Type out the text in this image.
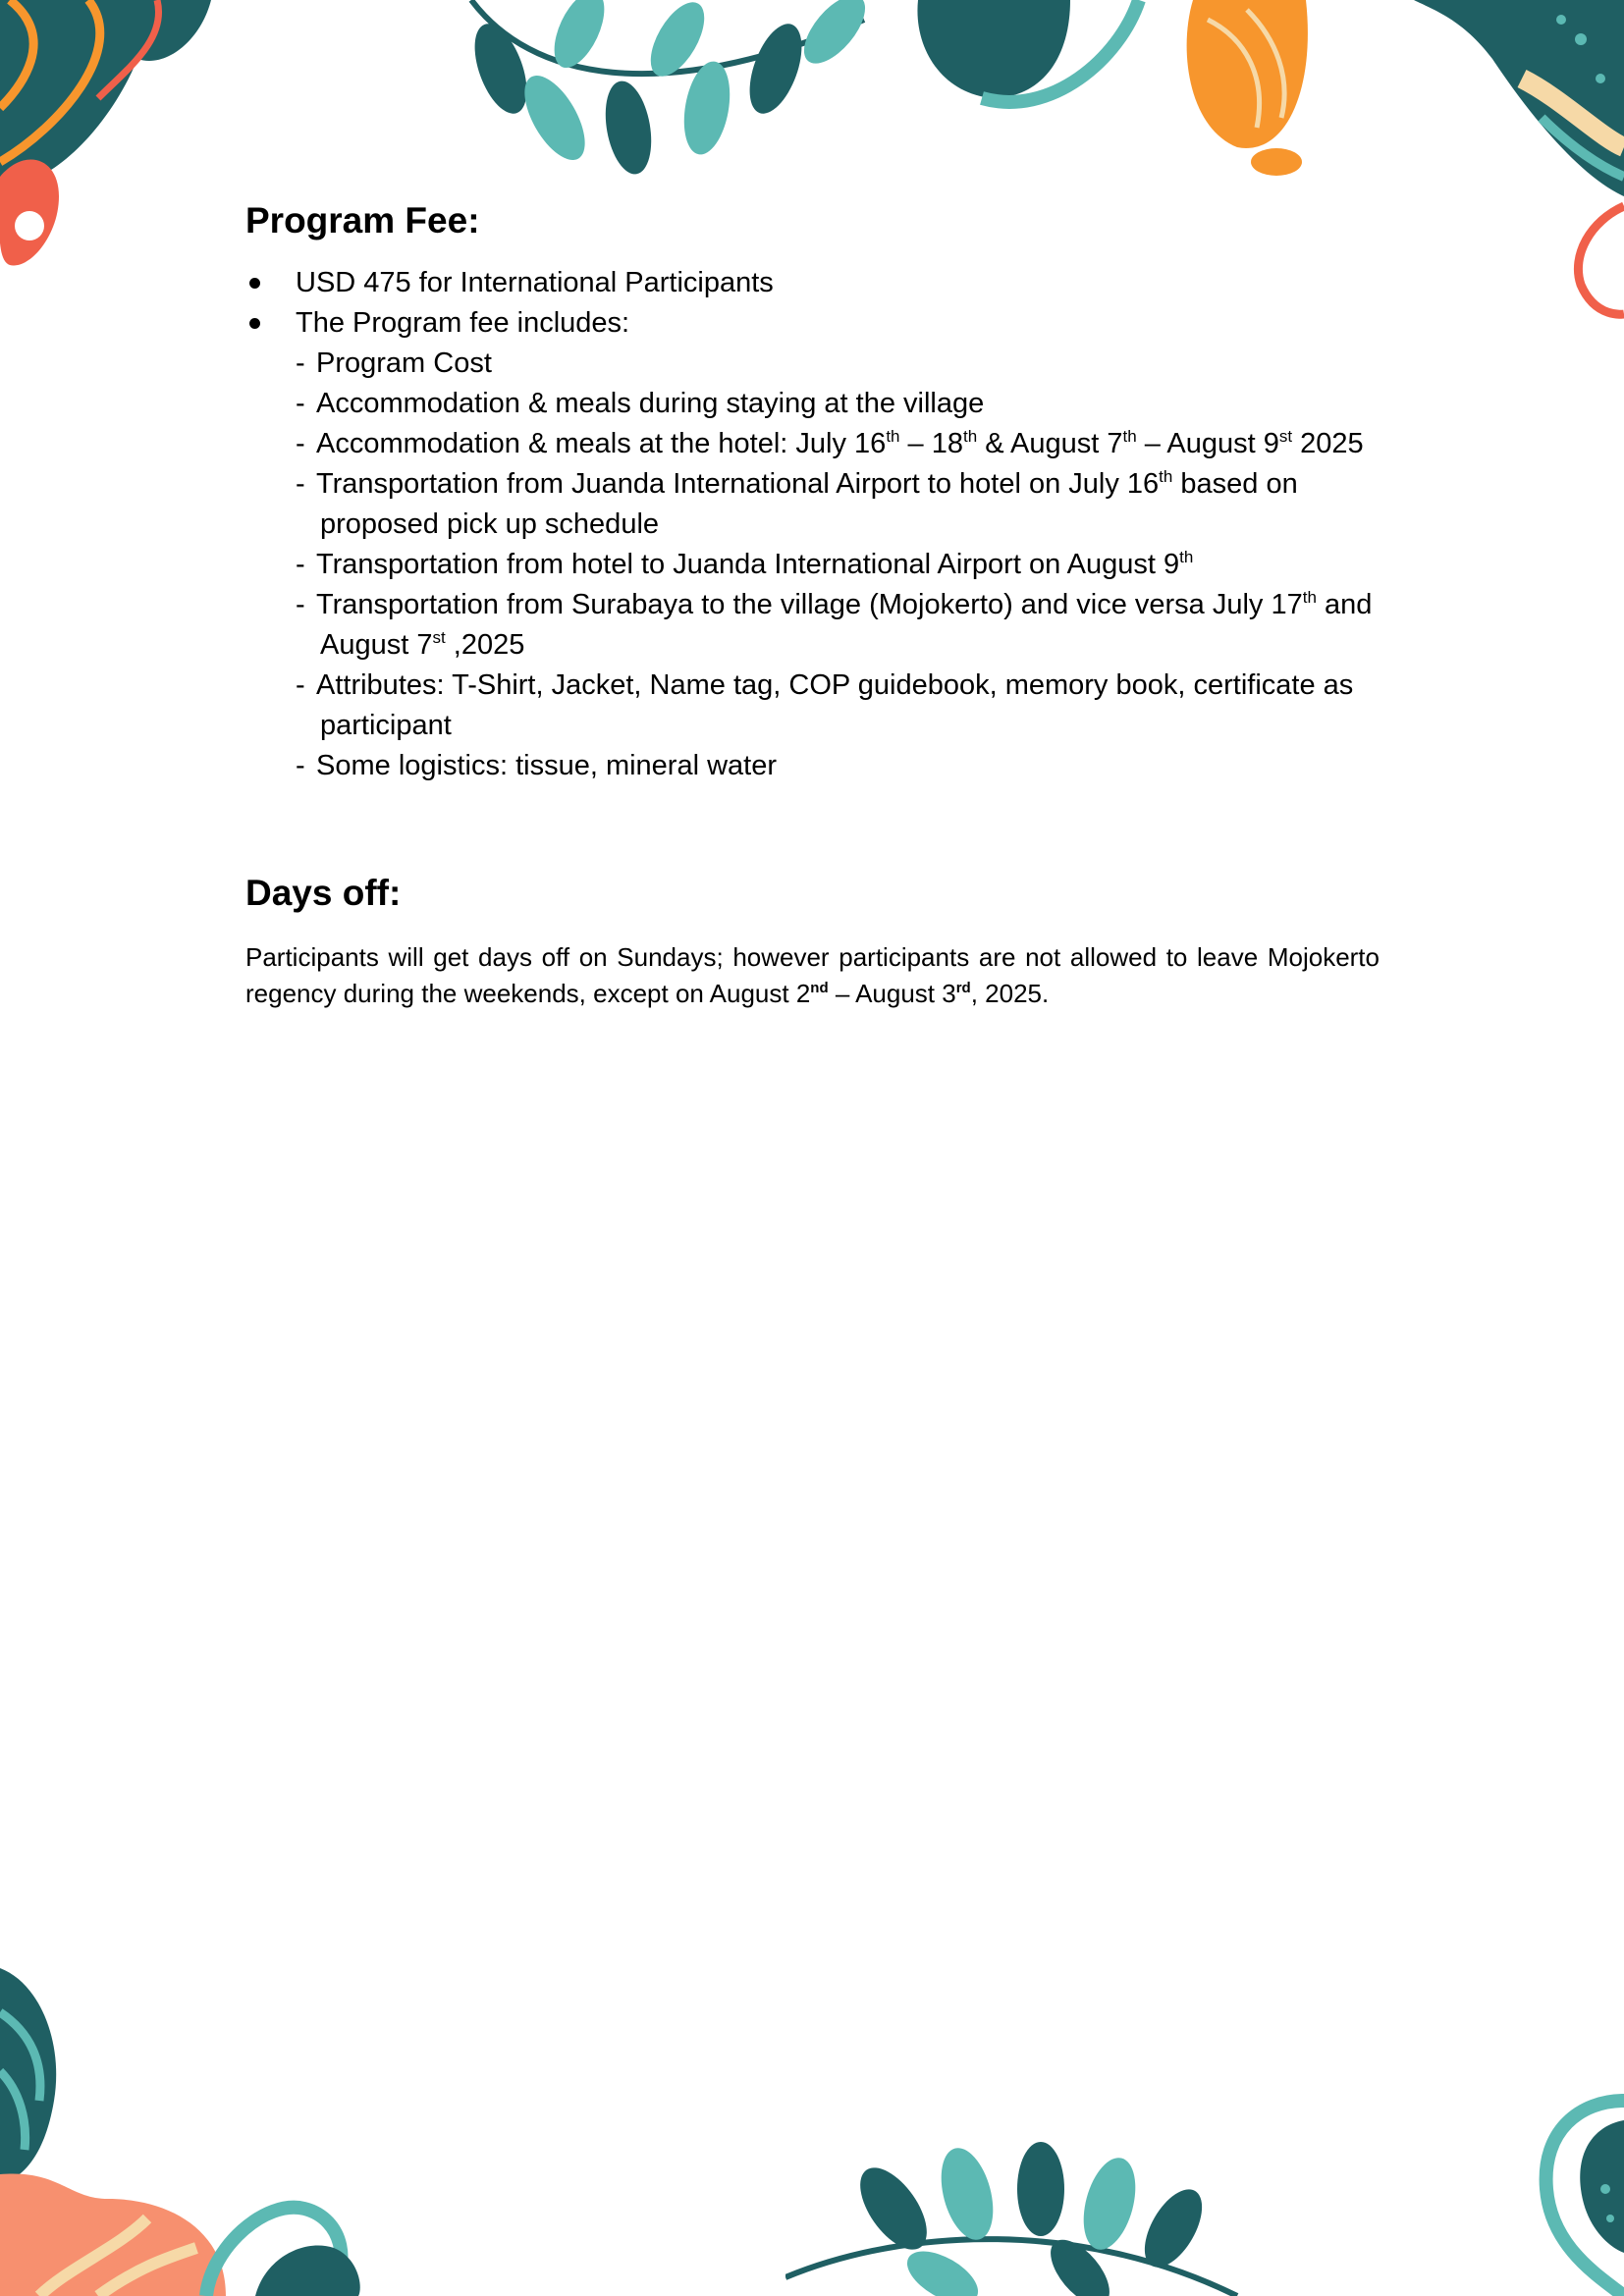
Program Fee:
USD 475 for International Participants
The Program fee includes:
- Program Cost
- Accommodation & meals during staying at the village
- Accommodation & meals at the hotel: July 16th – 18th & August 7th – August 9st 2025
- Transportation from Juanda International Airport to hotel on July 16th based on proposed pick up schedule
- Transportation from hotel to Juanda International Airport on August 9th
- Transportation from Surabaya to the village (Mojokerto) and vice versa July 17th and August 7st ,2025
- Attributes: T-Shirt, Jacket, Name tag, COP guidebook, memory book, certificate as participant
- Some logistics: tissue, mineral water
Days off:

Participants will get days off on Sundays; however participants are not allowed to leave Mojokerto regency during the weekends, except on August 2nd – August 3rd, 2025.
